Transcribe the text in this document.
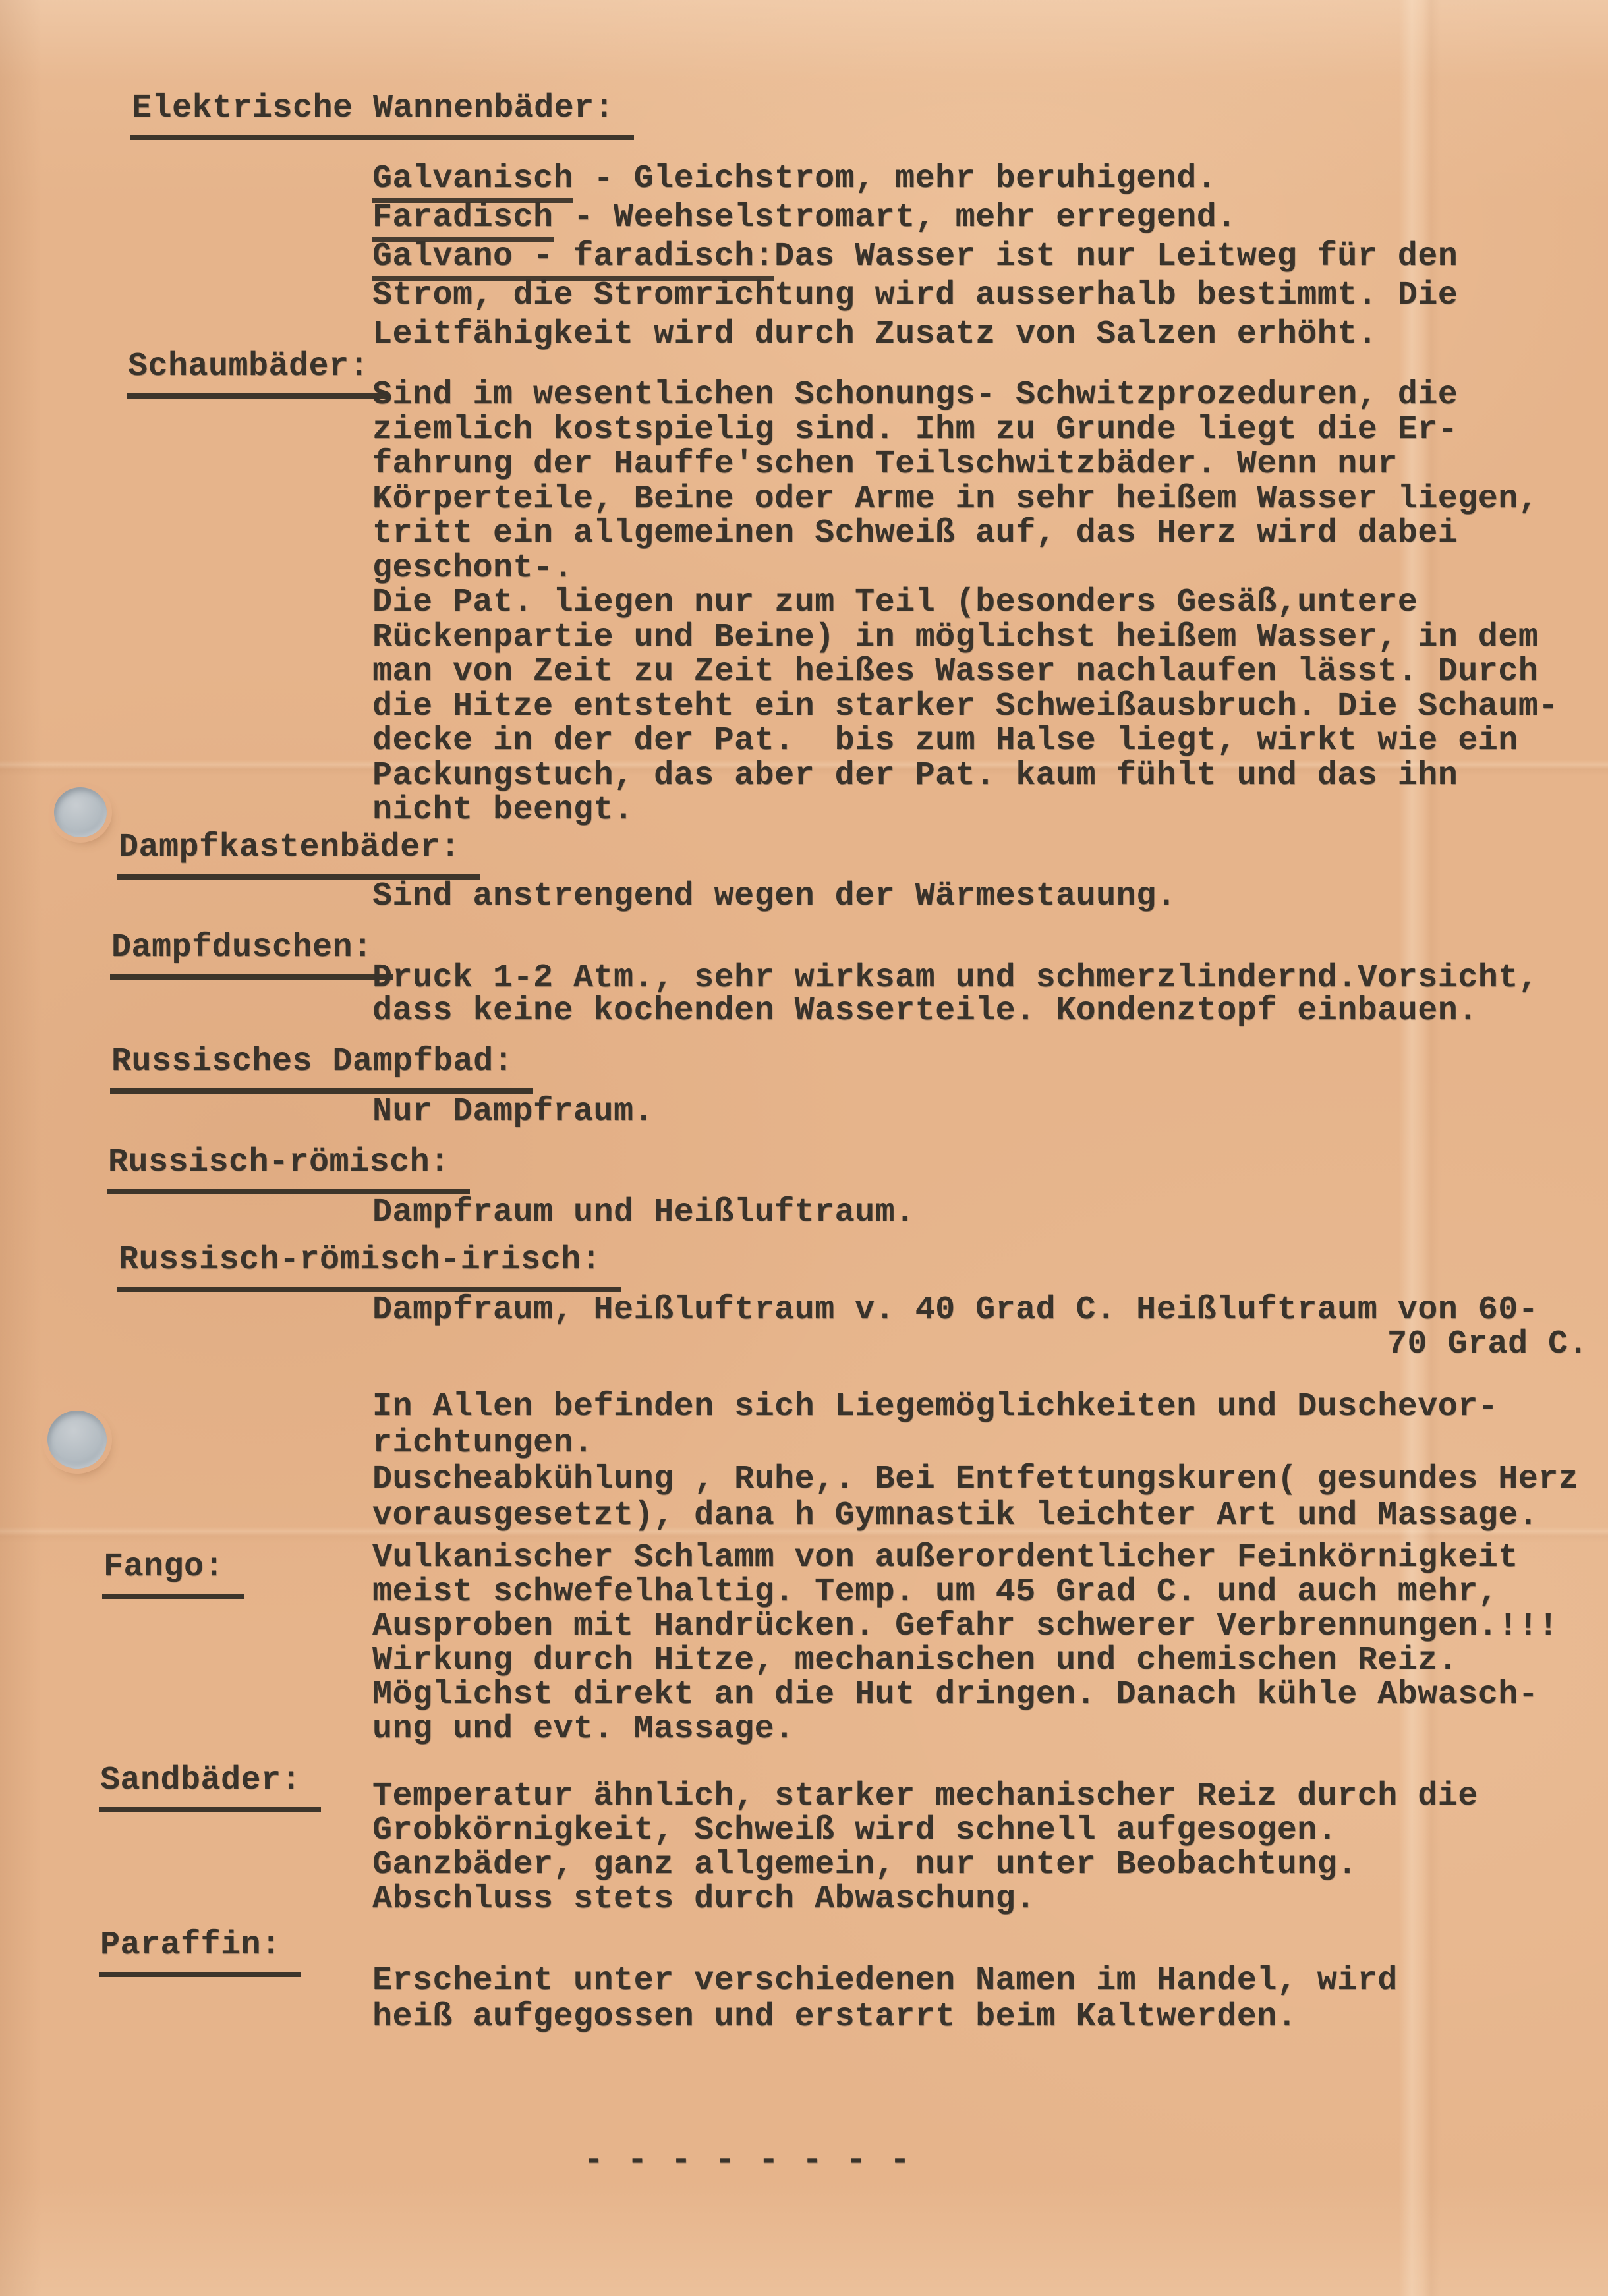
Elektrische Wannenbäder:
Galvanisch - Gleichstrom, mehr beruhigend.
Faradisch - Weehselstromart, mehr erregend.
Galvano - faradisch:Das Wasser ist nur Leitweg für den
Strom, die Stromrichtung wird ausserhalb bestimmt. Die
Leitfähigkeit wird durch Zusatz von Salzen erhöht.
Schaumbäder:
Sind im wesentlichen Schonungs- Schwitzprozeduren, die
ziemlich kostspielig sind. Ihm zu Grunde liegt die Er-
fahrung der Hauffe'schen Teilschwitzbäder. Wenn nur
Körperteile, Beine oder Arme in sehr heißem Wasser liegen,
tritt ein allgemeinen Schweiß auf, das Herz wird dabei
geschont-.
Die Pat. liegen nur zum Teil (besonders Gesäß,untere
Rückenpartie und Beine) in möglichst heißem Wasser, in dem
man von Zeit zu Zeit heißes Wasser nachlaufen lässt. Durch
die Hitze entsteht ein starker Schweißausbruch. Die Schaum-
decke in der der Pat.  bis zum Halse liegt, wirkt wie ein
Packungstuch, das aber der Pat. kaum fühlt und das ihn
nicht beengt.
Dampfkastenbäder:
Sind anstrengend wegen der Wärmestauung.
Dampfduschen:
Druck 1-2 Atm., sehr wirksam und schmerzlindernd.Vorsicht,
dass keine kochenden Wasserteile. Kondenztopf einbauen.
Russisches Dampfbad:
Nur Dampfraum.
Russisch-römisch:
Dampfraum und Heißluftraum.
Russisch-römisch-irisch:
Dampfraum, Heißluftraum v. 40 Grad C. Heißluftraum von 60-
70 Grad C.
In Allen befinden sich Liegemöglichkeiten und Duschevor-
richtungen.
Duscheabkühlung , Ruhe,. Bei Entfettungskuren( gesundes Herz
vorausgesetzt), dana h Gymnastik leichter Art und Massage.
Fango:	Vulkanischer Schlamm von außerordentlicher Feinkörnigkeit
meist schwefelhaltig. Temp. um 45 Grad C. und auch mehr,
Ausproben mit Handrücken. Gefahr schwerer Verbrennungen.!!!
Wirkung durch Hitze, mechanischen und chemischen Reiz.
Möglichst direkt an die Hut dringen. Danach kühle Abwasch-
ung und evt. Massage.
Sandbäder:	Temperatur ähnlich, starker mechanischer Reiz durch die
Grobkörnigkeit, Schweiß wird schnell aufgesogen.
Ganzbäder, ganz allgemein, nur unter Beobachtung.
Abschluss stets durch Abwaschung.
Paraffin:
Erscheint unter verschiedenen Namen im Handel, wird
heiß aufgegossen und erstarrt beim Kaltwerden.
- - - - - - - -
